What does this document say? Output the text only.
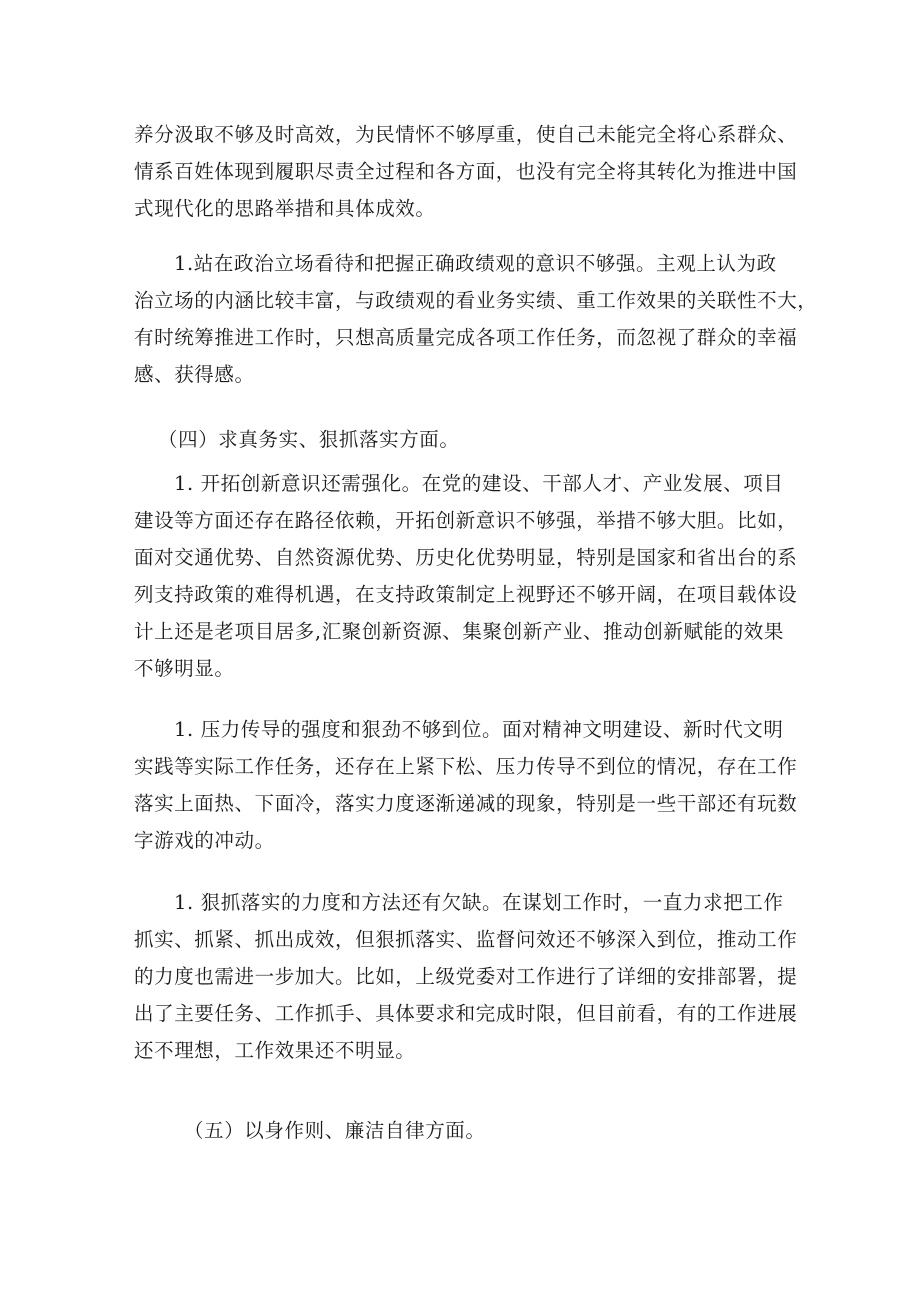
养分汲取不够及时高效，为民情怀不够厚重，使自己未能完全将心系群众、
情系百姓体现到履职尽责全过程和各方面，也没有完全将其转化为推进中国
式现代化的思路举措和具体成效。
1.站在政治立场看待和把握正确政绩观的意识不够强。主观上认为政
治立场的内涵比较丰富，与政绩观的看业务实绩、重工作效果的关联性不大，
有时统筹推进工作时，只想高质量完成各项工作任务，而忽视了群众的幸福
感、获得感。
（四）求真务实、狠抓落实方面。
1. 开拓创新意识还需强化。在党的建设、干部人才、产业发展、项目
建设等方面还存在路径依赖，开拓创新意识不够强，举措不够大胆。比如，
面对交通优势、自然资源优势、历史化优势明显，特别是国家和省出台的系
列支持政策的难得机遇，在支持政策制定上视野还不够开阔，在项目载体设
计上还是老项目居多,汇聚创新资源、集聚创新产业、推动创新赋能的效果
不够明显。
1. 压力传导的强度和狠劲不够到位。面对精神文明建设、新时代文明
实践等实际工作任务，还存在上紧下松、压力传导不到位的情况，存在工作
落实上面热、下面冷，落实力度逐渐递减的现象，特别是一些干部还有玩数
字游戏的冲动。
1. 狠抓落实的力度和方法还有欠缺。在谋划工作时，一直力求把工作
抓实、抓紧、抓出成效，但狠抓落实、监督问效还不够深入到位，推动工作
的力度也需进一步加大。比如，上级党委对工作进行了详细的安排部署，提
出了主要任务、工作抓手、具体要求和完成时限，但目前看，有的工作进展
还不理想，工作效果还不明显。
（五）以身作则、廉洁自律方面。
